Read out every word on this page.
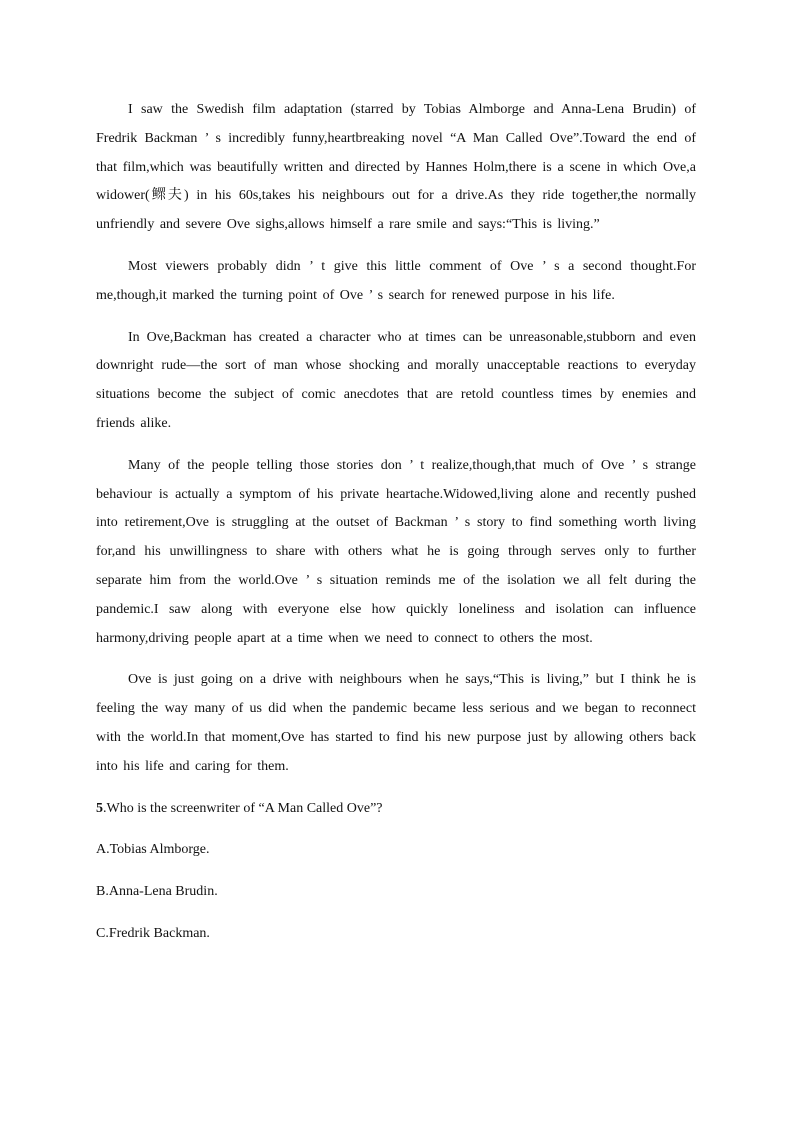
I saw the Swedish film adaptation (starred by Tobias Almborge and Anna-Lena Brudin) of Fredrik Backman ’ s incredibly funny,heartbreaking novel “A Man Called Ove”.Toward the end of that film,which was beautifully written and directed by Hannes Holm,there is a scene in which Ove,a widower(鳏夫) in his 60s,takes his neighbours out for a drive.As they ride together,the normally unfriendly and severe Ove sighs,allows himself a rare smile and says:“This is living.”

Most viewers probably didn ’ t give this little comment of Ove ’ s a second thought.For me,though,it marked the turning point of Ove ’ s search for renewed purpose in his life.

In Ove,Backman has created a character who at times can be unreasonable,stubborn and even downright rude—the sort of man whose shocking and morally unacceptable reactions to everyday situations become the subject of comic anecdotes that are retold countless times by enemies and friends alike.

Many of the people telling those stories don ’ t realize,though,that much of Ove ’ s strange behaviour is actually a symptom of his private heartache.Widowed,living alone and recently pushed into retirement,Ove is struggling at the outset of Backman ’ s story to find something worth living for,and his unwillingness to share with others what he is going through serves only to further separate him from the world.Ove ’ s situation reminds me of the isolation we all felt during the pandemic.I saw along with everyone else how quickly loneliness and isolation can influence harmony,driving people apart at a time when we need to connect to others the most.

Ove is just going on a drive with neighbours when he says,“This is living,” but I think he is feeling the way many of us did when the pandemic became less serious and we began to reconnect with the world.In that moment,Ove has started to find his new purpose just by allowing others back into his life and caring for them.

5.Who is the screenwriter of “A Man Called Ove”?

A.Tobias Almborge.
B.Anna-Lena Brudin.
C.Fredrik Backman.
